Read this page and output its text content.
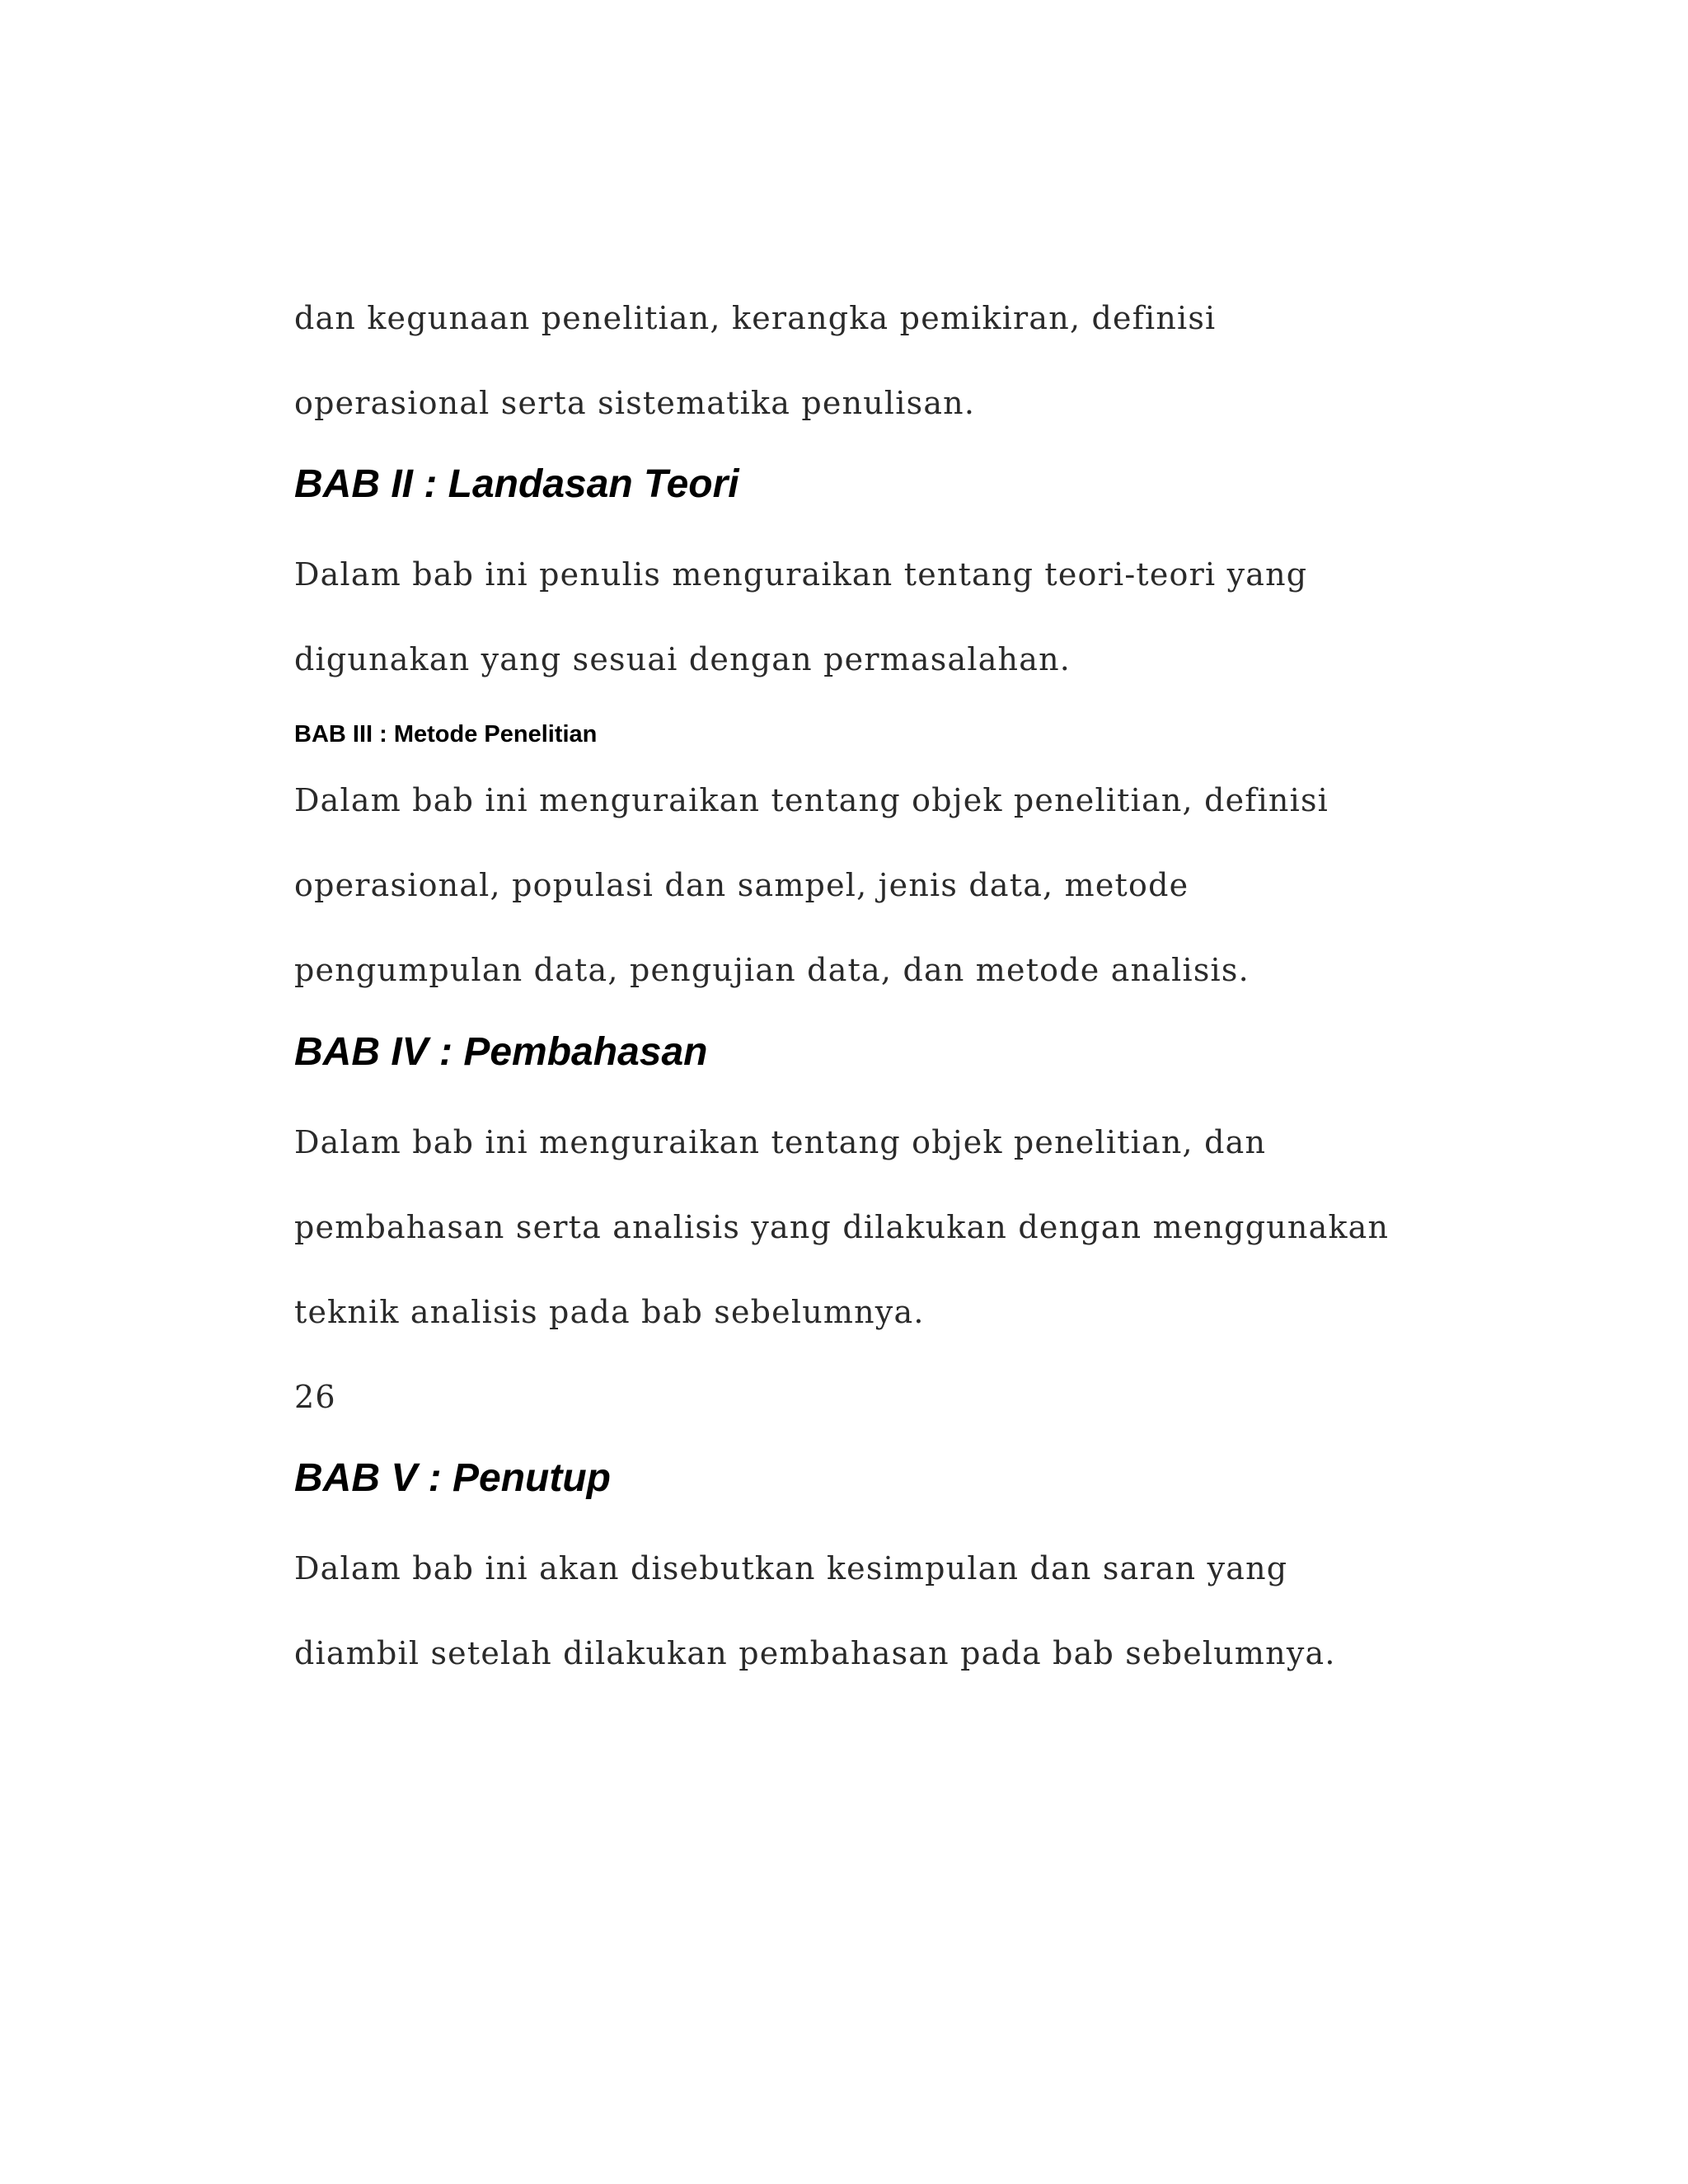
dan kegunaan penelitian, kerangka pemikiran, definisi
operasional serta sistematika penulisan.
BAB II : Landasan Teori
Dalam bab ini penulis menguraikan tentang teori-teori yang
digunakan yang sesuai dengan permasalahan.
BAB III : Metode Penelitian
Dalam bab ini menguraikan tentang objek penelitian, definisi
operasional, populasi dan sampel, jenis data, metode
pengumpulan data, pengujian data, dan metode analisis.
BAB IV : Pembahasan
Dalam bab ini menguraikan tentang objek penelitian, dan
pembahasan serta analisis yang dilakukan dengan menggunakan
teknik analisis pada bab sebelumnya.
26
BAB V : Penutup
Dalam bab ini akan disebutkan kesimpulan dan saran yang
diambil setelah dilakukan pembahasan pada bab sebelumnya.
